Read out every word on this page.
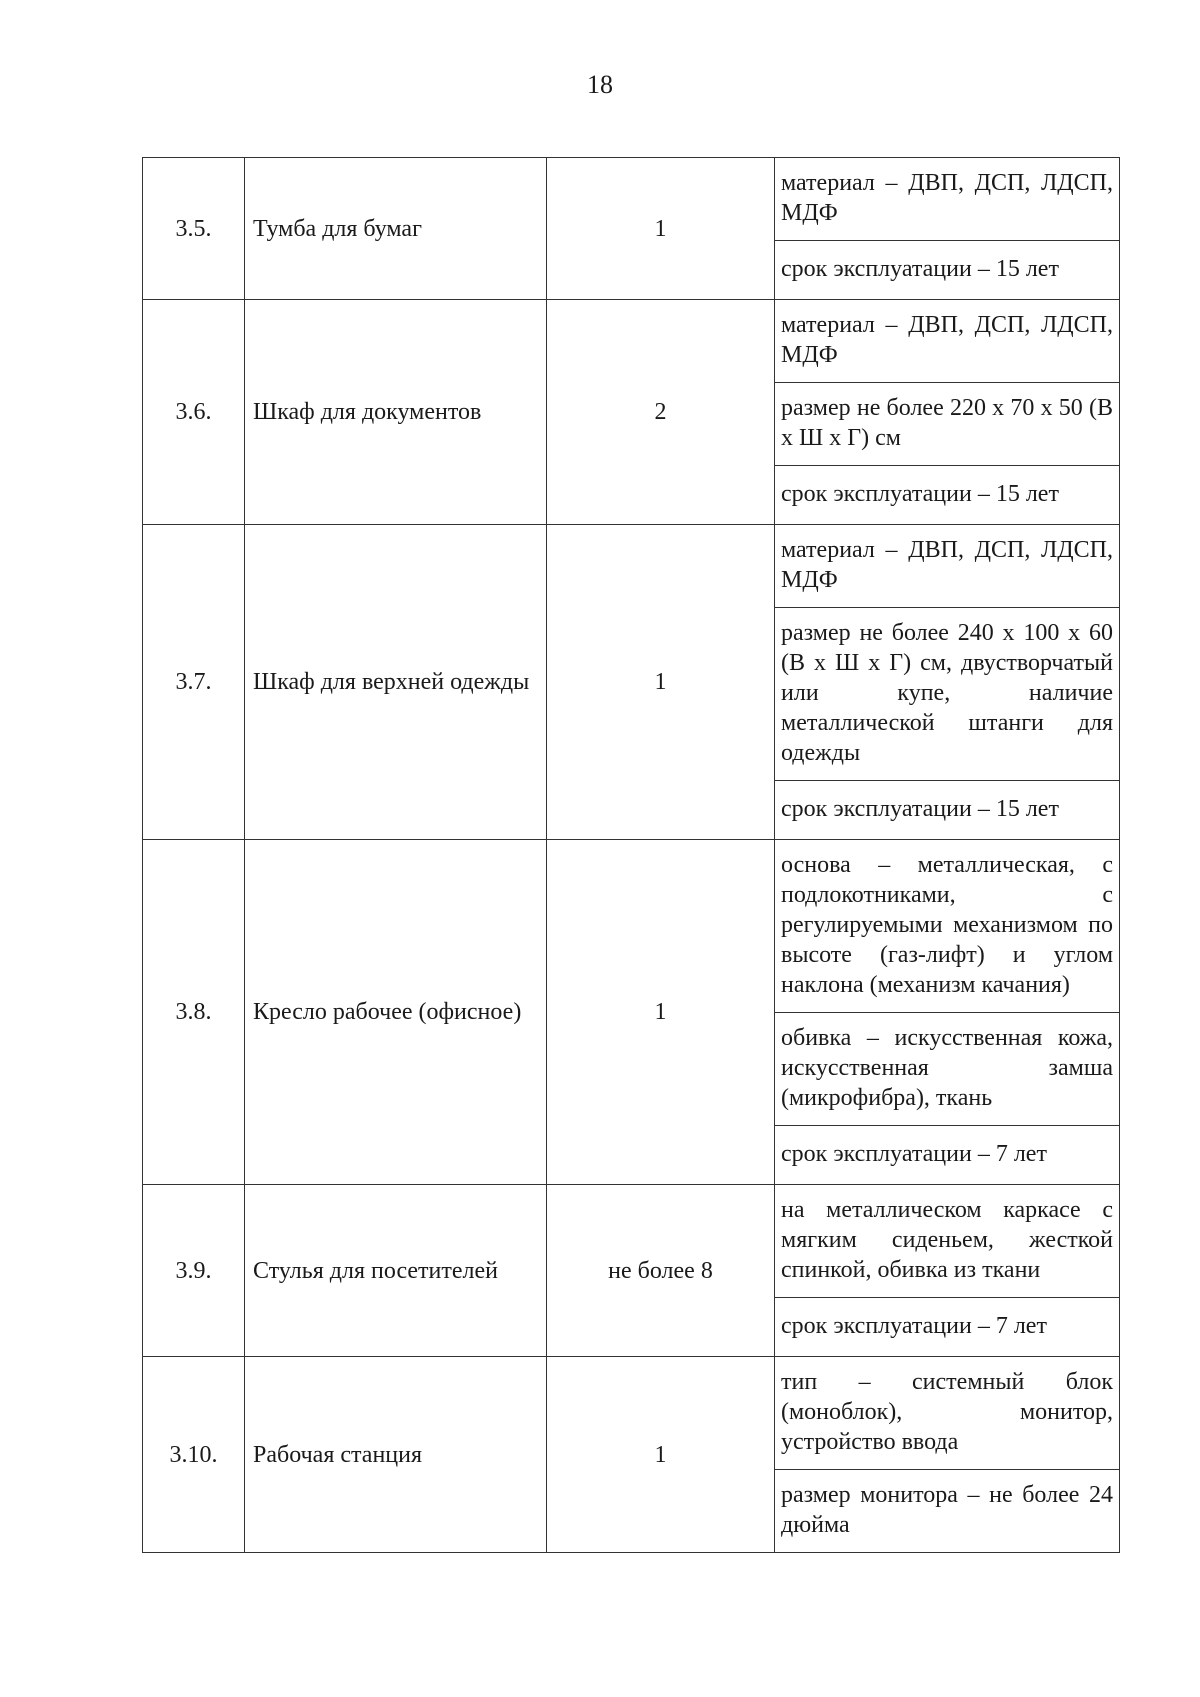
18
3.5.	Тумба для бумаг	1	материал – ДВП, ДСП, ЛДСП, МДФ
			срок эксплуатации – 15 лет
3.6.	Шкаф для документов	2	материал – ДВП, ДСП, ЛДСП, МДФ
			размер не более 220 х 70 х 50 (В х Ш х Г) см
			срок эксплуатации – 15 лет
3.7.	Шкаф для верхней одежды	1	материал – ДВП, ДСП, ЛДСП, МДФ
			размер не более 240 х 100 х 60 (В х Ш х Г) см, двустворчатый или купе, наличие металлической штанги для одежды
			срок эксплуатации – 15 лет
3.8.	Кресло рабочее (офисное)	1	основа – металлическая, с подлокотниками, с регулируемыми механизмом по высоте (газ-лифт) и углом наклона (механизм качания)
			обивка – искусственная кожа, искусственная замша (микрофибра), ткань
			срок эксплуатации – 7 лет
3.9.	Стулья для посетителей	не более 8	на металлическом каркасе с мягким сиденьем, жесткой спинкой, обивка из ткани
			срок эксплуатации – 7 лет
3.10.	Рабочая станция	1	тип – системный блок (моноблок), монитор, устройство ввода
			размер монитора – не более 24 дюйма
